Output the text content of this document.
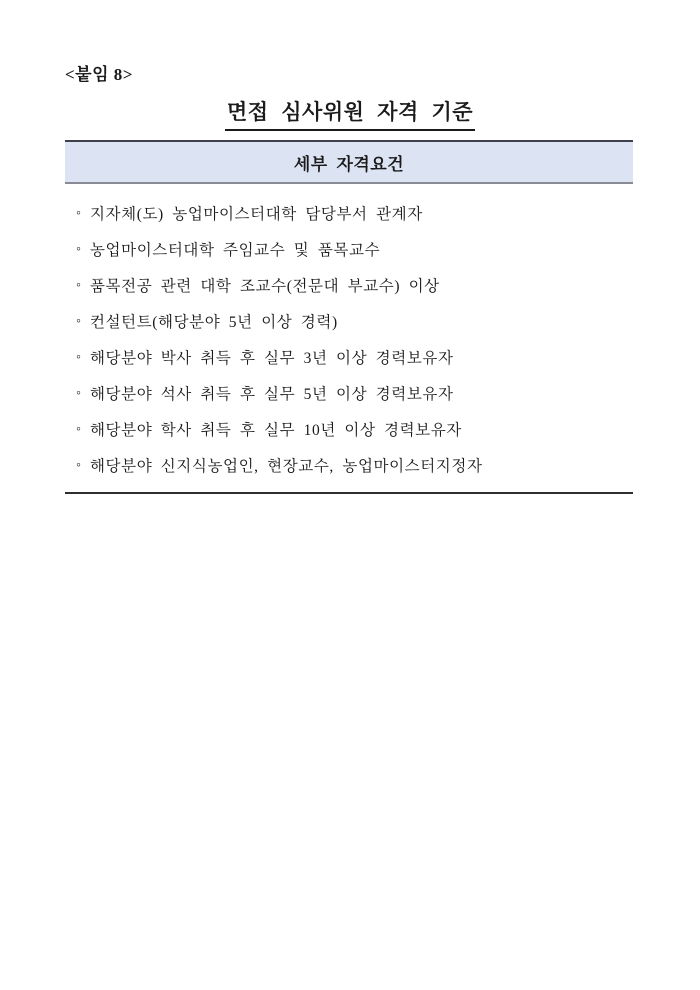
<붙임 8>
면접 심사위원 자격 기준
세부 자격요건
◦ 지자체(도) 농업마이스터대학 담당부서 관계자
◦ 농업마이스터대학 주임교수 및 품목교수
◦ 품목전공 관련 대학 조교수(전문대 부교수) 이상
◦ 컨설턴트(해당분야 5년 이상 경력)
◦ 해당분야 박사 취득 후 실무 3년 이상 경력보유자
◦ 해당분야 석사 취득 후 실무 5년 이상 경력보유자
◦ 해당분야 학사 취득 후 실무 10년 이상 경력보유자
◦ 해당분야 신지식농업인, 현장교수, 농업마이스터지정자
